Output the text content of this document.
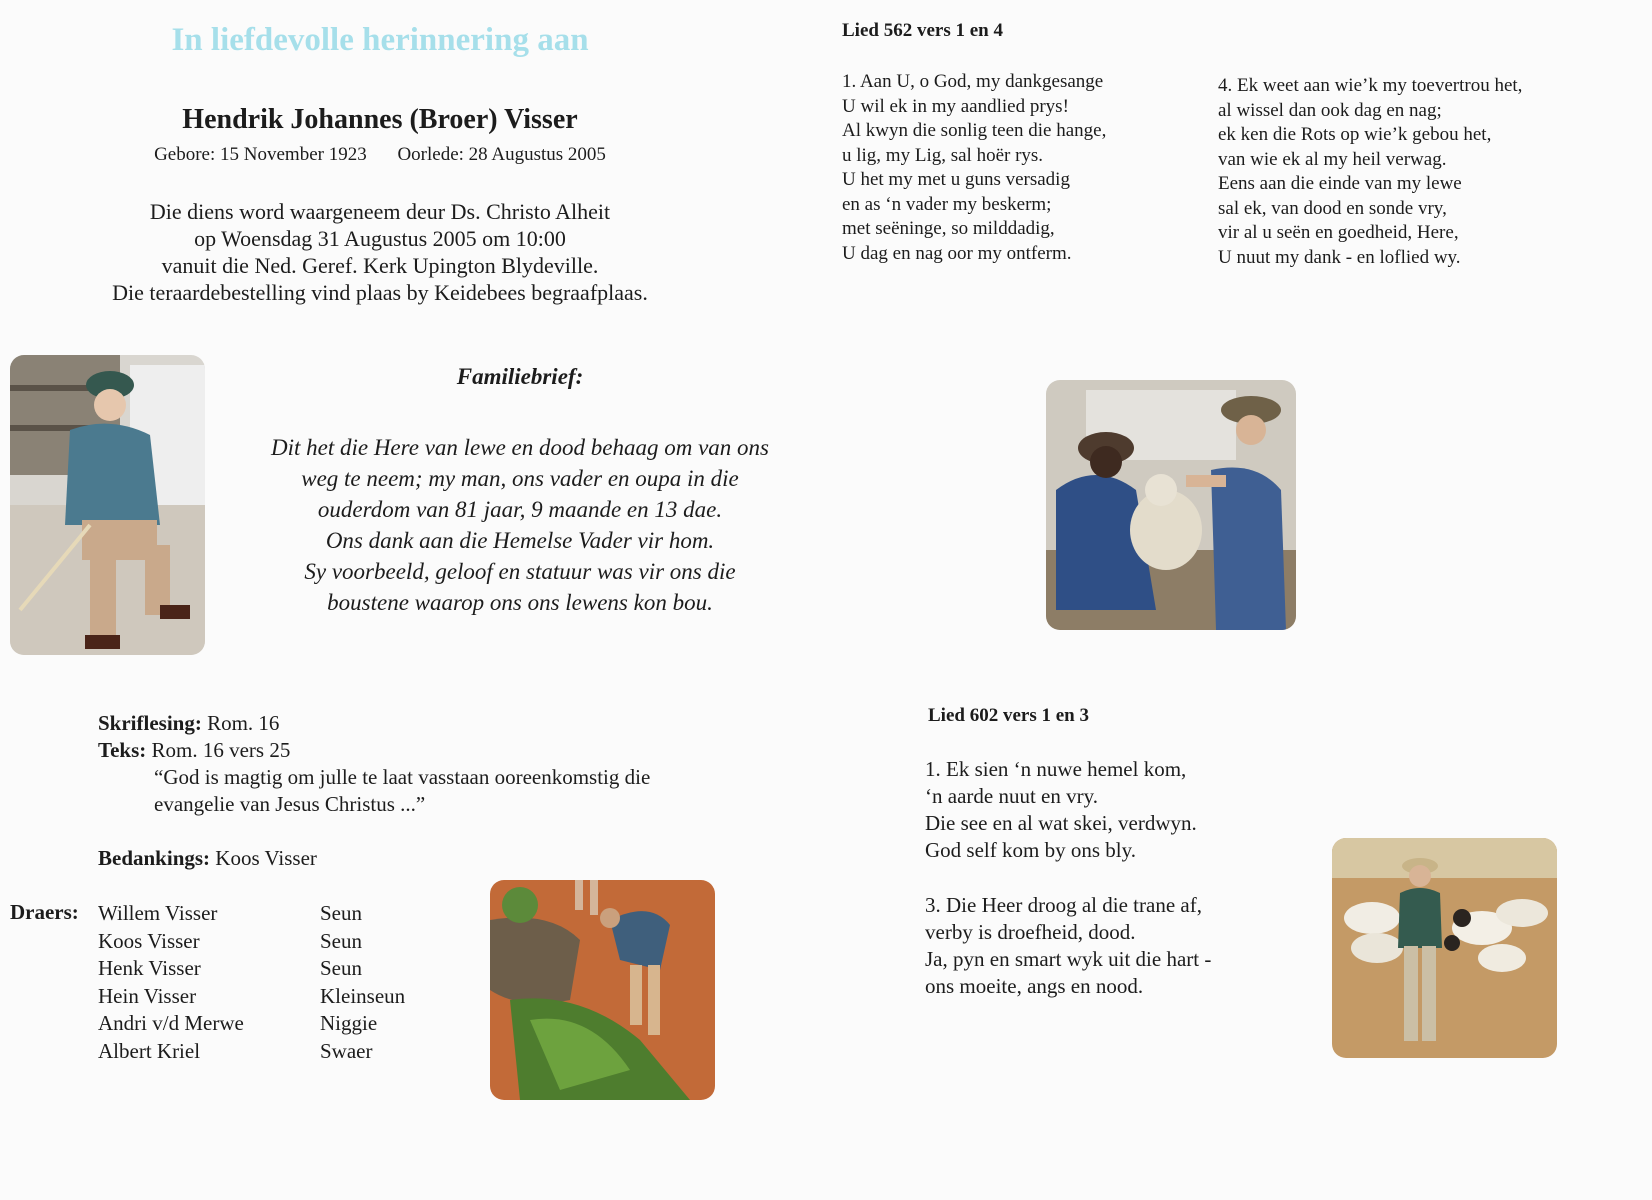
In liefdevolle herinnering aan
Hendrik Johannes (Broer) Visser
Gebore: 15 November 1923 Oorlede: 28 Augustus 2005
Die diens word waargeneem deur Ds. Christo Alheit
op Woensdag 31 Augustus 2005 om 10:00
vanuit die Ned. Geref. Kerk Upington Blydeville.
Die teraardebestelling vind plaas by Keidebees begraafplaas.
Familiebrief:
Dit het die Here van lewe en dood behaag om van ons
weg te neem; my man, ons vader en oupa in die
ouderdom van 81 jaar, 9 maande en 13 dae.
Ons dank aan die Hemelse Vader vir hom.
Sy voorbeeld, geloof en statuur was vir ons die
boustene waarop ons ons lewens kon bou.
Skriflesing: Rom. 16
Teks: Rom. 16 vers 25
“God is magtig om julle te laat vasstaan ooreenkomstig die
evangelie van Jesus Christus ...”
Bedankings: Koos Visser
Draers: Willem Visser	Seun
Koos Visser	Seun
Henk Visser	Seun
Hein Visser	Kleinseun
Andri v/d Merwe	Niggie
Albert Kriel	Swaer
Lied 562 vers 1 en 4
1. Aan U, o God, my dankgesange
U wil ek in my aandlied prys!
Al kwyn die sonlig teen die hange,
u lig, my Lig, sal hoër rys.
U het my met u guns versadig
en as ‘n vader my beskerm;
met seëninge, so milddadig,
U dag en nag oor my ontferm.
4. Ek weet aan wie’k my toevertrou het,
al wissel dan ook dag en nag;
ek ken die Rots op wie’k gebou het,
van wie ek al my heil verwag.
Eens aan die einde van my lewe
sal ek, van dood en sonde vry,
vir al u seën en goedheid, Here,
U nuut my dank - en loflied wy.
Lied 602 vers 1 en 3
1. Ek sien ‘n nuwe hemel kom,
‘n aarde nuut en vry.
Die see en al wat skei, verdwyn.
God self kom by ons bly.
3. Die Heer droog al die trane af,
verby is droefheid, dood.
Ja, pyn en smart wyk uit die hart -
ons moeite, angs en nood.
